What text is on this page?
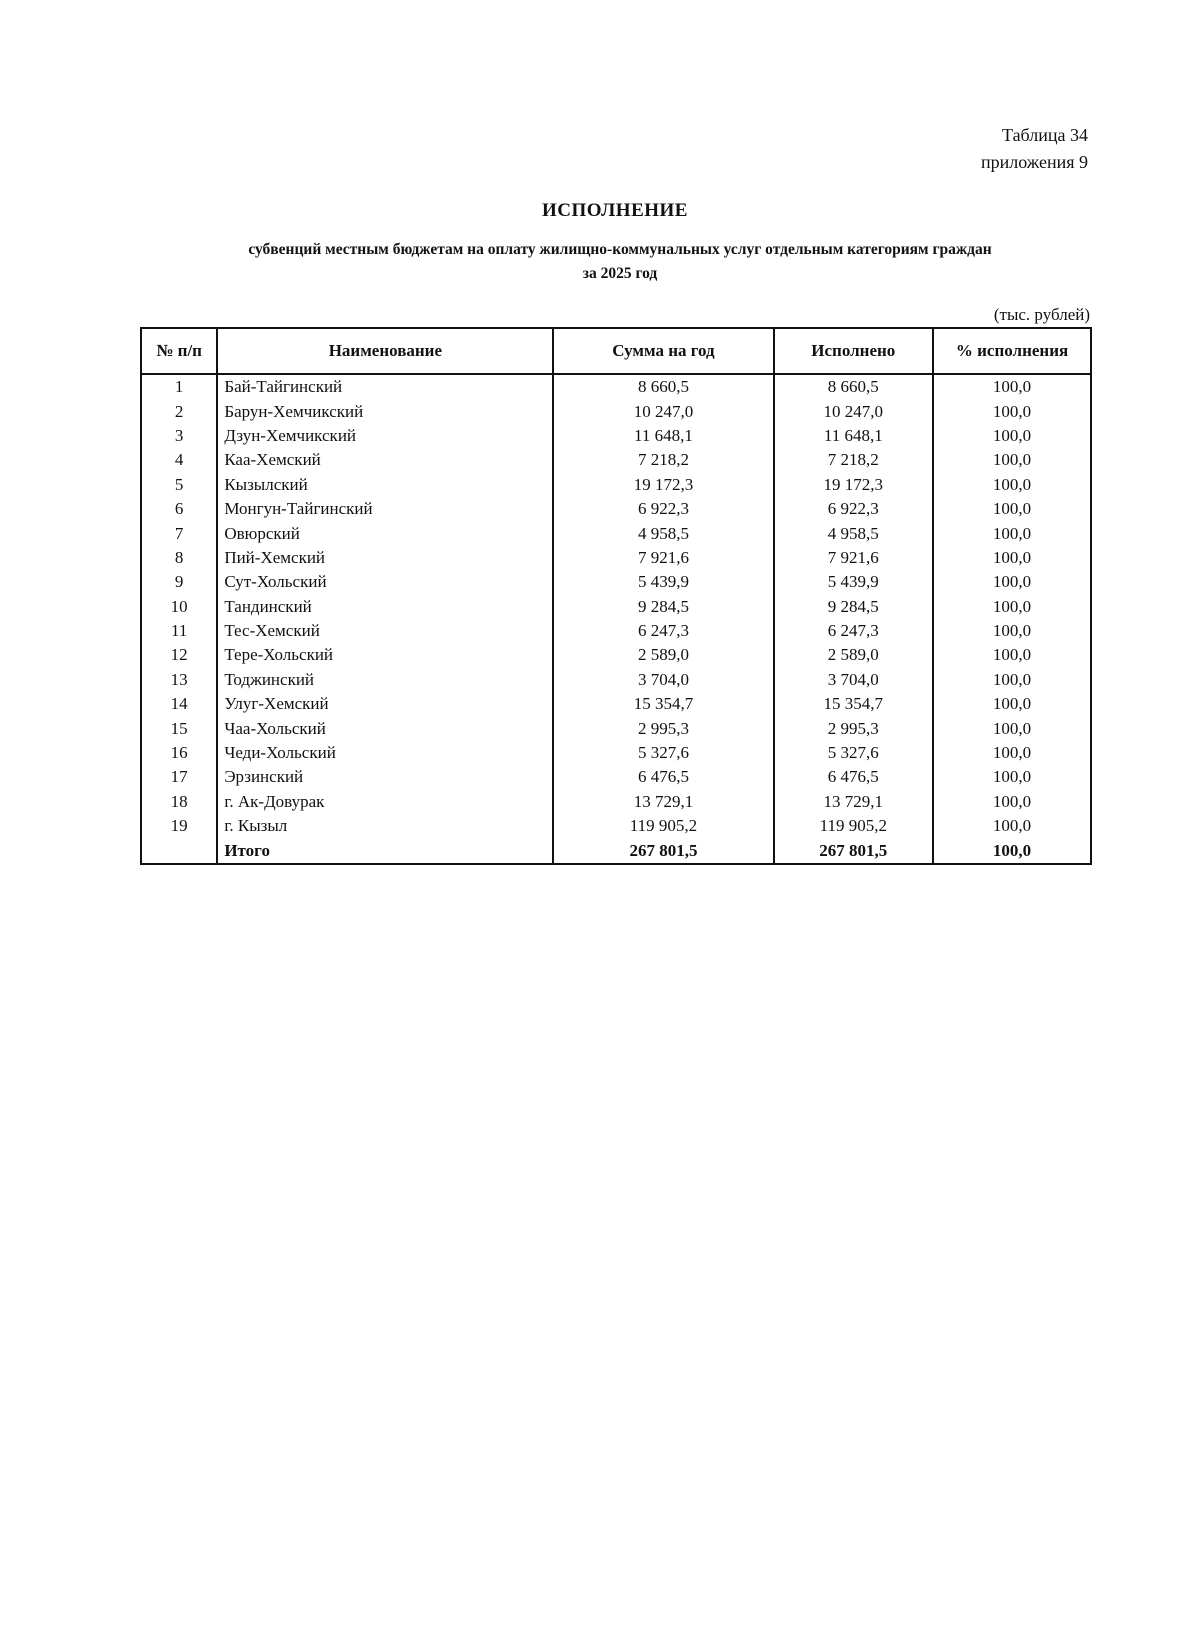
Таблица 34
приложения 9
ИСПОЛНЕНИЕ
субвенций местным бюджетам на оплату жилищно-коммунальных услуг отдельным категориям граждан
за 2025 год
(тыс. рублей)
№ п/п	Наименование	Сумма на год	Исполнено	% исполнения
1	Бай-Тайгинский	8 660,5	8 660,5	100,0
2	Барун-Хемчикский	10 247,0	10 247,0	100,0
3	Дзун-Хемчикский	11 648,1	11 648,1	100,0
4	Каа-Хемский	7 218,2	7 218,2	100,0
5	Кызылский	19 172,3	19 172,3	100,0
6	Монгун-Тайгинский	6 922,3	6 922,3	100,0
7	Овюрский	4 958,5	4 958,5	100,0
8	Пий-Хемский	7 921,6	7 921,6	100,0
9	Сут-Хольский	5 439,9	5 439,9	100,0
10	Тандинский	9 284,5	9 284,5	100,0
11	Тес-Хемский	6 247,3	6 247,3	100,0
12	Тере-Хольский	2 589,0	2 589,0	100,0
13	Тоджинский	3 704,0	3 704,0	100,0
14	Улуг-Хемский	15 354,7	15 354,7	100,0
15	Чаа-Хольский	2 995,3	2 995,3	100,0
16	Чеди-Хольский	5 327,6	5 327,6	100,0
17	Эрзинский	6 476,5	6 476,5	100,0
18	г. Ак-Довурак	13 729,1	13 729,1	100,0
19	г. Кызыл	119 905,2	119 905,2	100,0
	Итого	267 801,5	267 801,5	100,0
